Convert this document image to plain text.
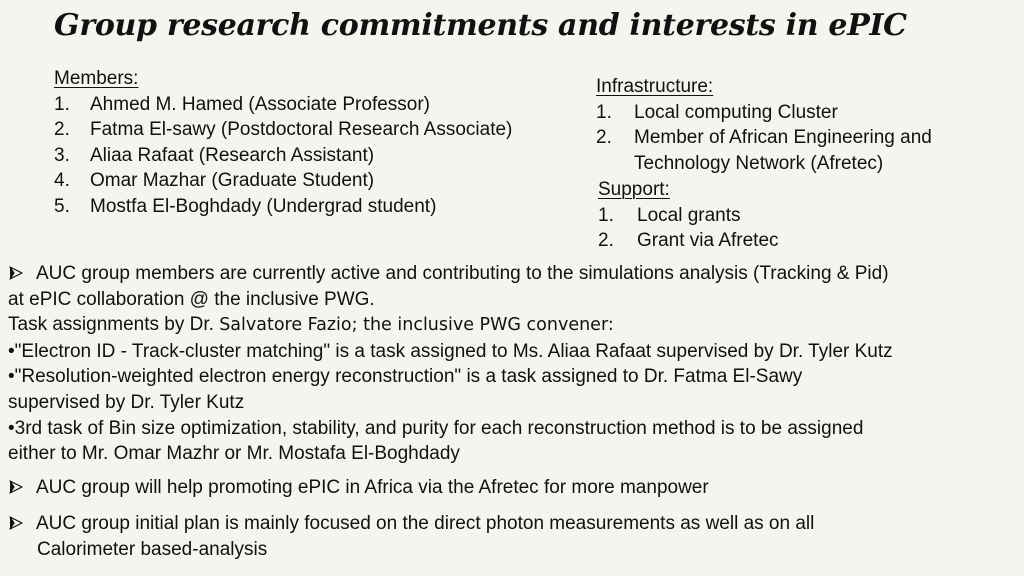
Group research commitments and interests in ePIC
Members:
1.	Ahmed M. Hamed (Associate Professor)
2.	Fatma El-sawy (Postdoctoral Research Associate)
3.	Aliaa Rafaat (Research Assistant)
4.	Omar Mazhar (Graduate Student)
5.	Mostfa El-Boghdady (Undergrad student)
Infrastructure:
1.	Local computing Cluster
2.	Member of African Engineering and
Technology Network (Afretec)
Support:
1.	Local grants
2.	Grant via Afretec
AUC group members are currently active and contributing to the simulations analysis (Tracking & Pid)
at ePIC collaboration @ the inclusive PWG.
Task assignments by Dr. Salvatore Fazio; the inclusive PWG convener:
•"Electron ID - Track-cluster matching" is a task assigned to Ms. Aliaa Rafaat supervised by Dr. Tyler Kutz
•"Resolution-weighted electron energy reconstruction" is a task assigned to Dr. Fatma El-Sawy
supervised by Dr. Tyler Kutz
•3rd task of Bin size optimization, stability, and purity for each reconstruction method is to be assigned
either to Mr. Omar Mazhr or Mr. Mostafa El-Boghdady
AUC group will help promoting ePIC in Africa via the Afretec for more manpower
AUC group initial plan is mainly focused on the direct photon measurements as well as on all
Calorimeter based-analysis
